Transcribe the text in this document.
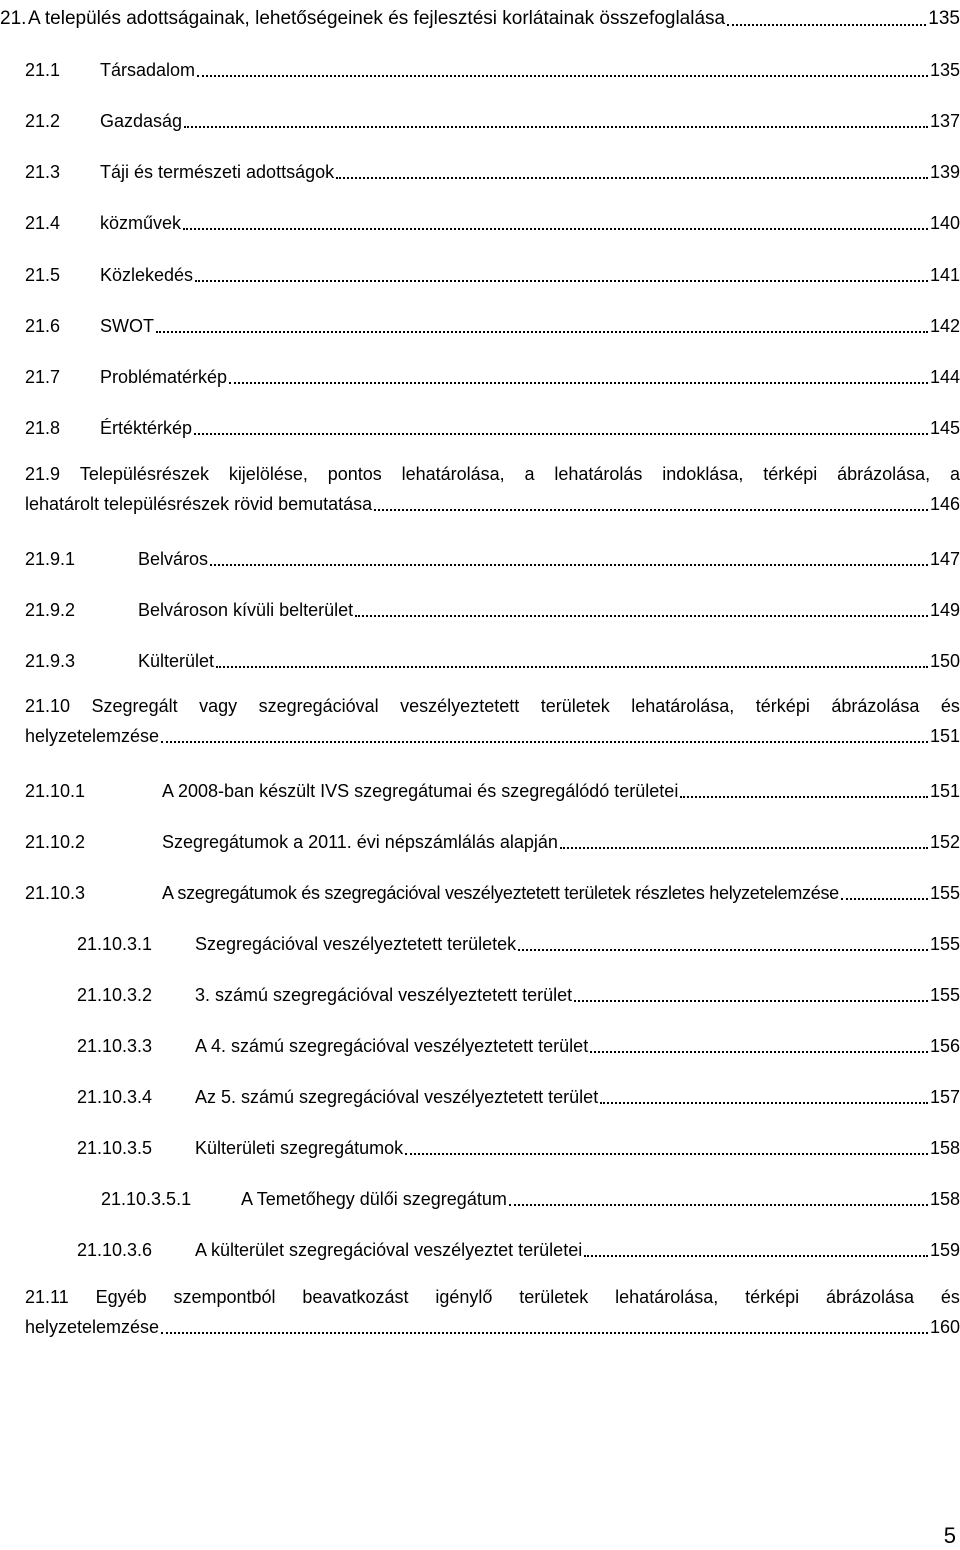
21. A település adottságainak, lehetőségeinek és fejlesztési korlátainak összefoglalása	135
21.1	Társadalom	135
21.2	Gazdaság	137
21.3	Táji és természeti adottságok	139
21.4	közművek	140
21.5	Közlekedés	141
21.6	SWOT	142
21.7	Problématérkép	144
21.8	Értéktérkép	145
21.9 Településrészek kijelölése, pontos lehatárolása, a lehatárolás indoklása, térképi ábrázolása, a
lehatárolt településrészek rövid bemutatása	146
21.9.1	Belváros	147
21.9.2	Belvároson kívüli belterület	149
21.9.3	Külterület	150
21.10 Szegregált vagy szegregációval veszélyeztetett területek lehatárolása, térképi ábrázolása és
helyzetelemzése	151
21.10.1	A 2008-ban készült IVS szegregátumai és szegregálódó területei	151
21.10.2	Szegregátumok a 2011. évi népszámlálás alapján	152
21.10.3	A szegregátumok és szegregációval veszélyeztetett területek részletes helyzetelemzése	155
21.10.3.1	Szegregációval veszélyeztetett területek	155
21.10.3.2	3. számú szegregációval veszélyeztetett terület	155
21.10.3.3	A 4. számú szegregációval veszélyeztetett terület	156
21.10.3.4	Az 5. számú szegregációval veszélyeztetett terület	157
21.10.3.5	Külterületi szegregátumok	158
21.10.3.5.1	A Temetőhegy dülői szegregátum	158
21.10.3.6	A külterület szegregációval veszélyeztet területei	159
21.11 Egyéb szempontból beavatkozást igénylő területek lehatárolása, térképi ábrázolása és
helyzetelemzése	160
5
